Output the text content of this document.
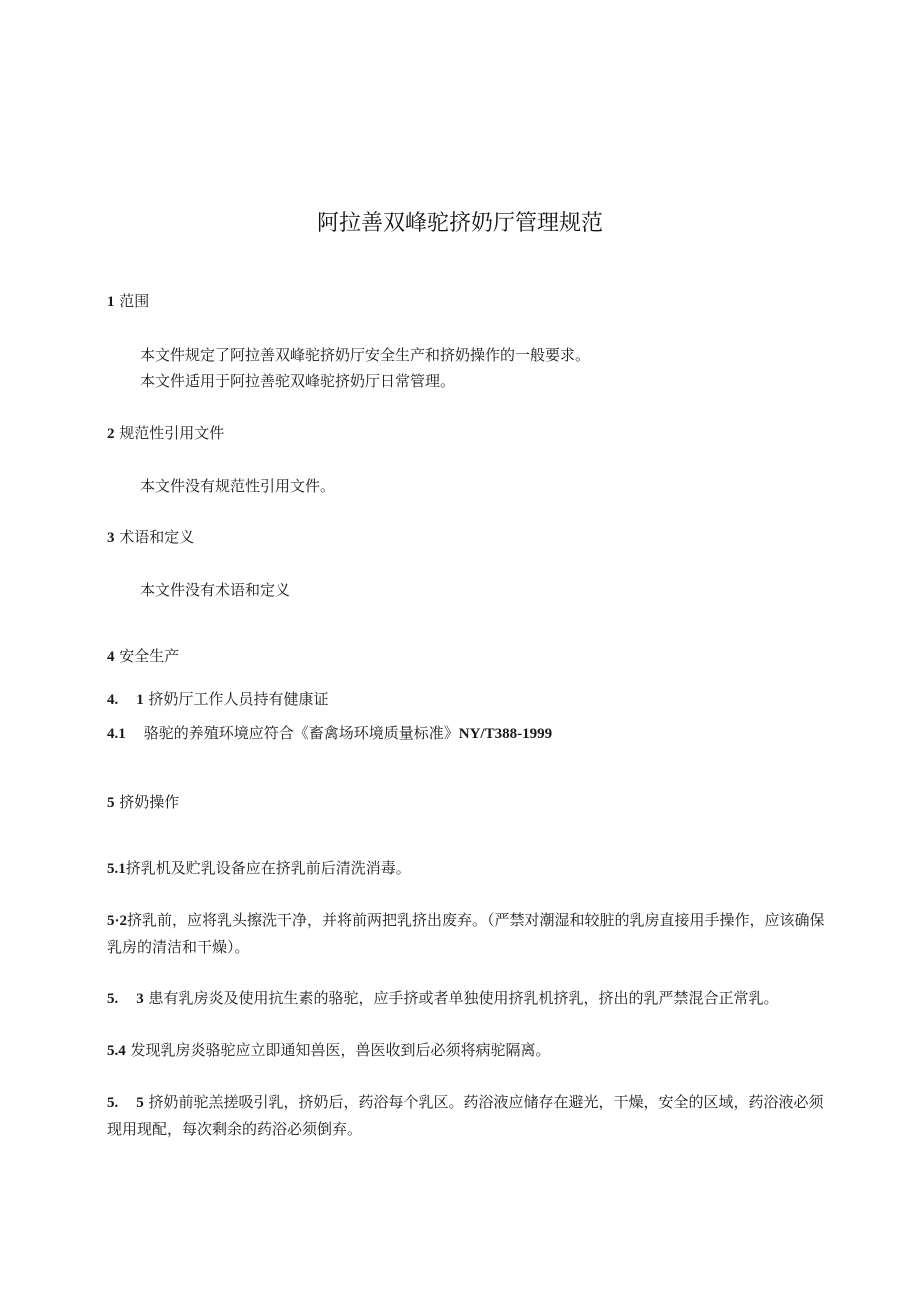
阿拉善双峰驼挤奶厅管理规范
1 范围
本文件规定了阿拉善双峰驼挤奶厅安全生产和挤奶操作的一般要求。
本文件适用于阿拉善驼双峰驼挤奶厅日常管理。
2 规范性引用文件
本文件没有规范性引用文件。
3 术语和定义
本文件没有术语和定义
4 安全生产
4. 1 挤奶厅工作人员持有健康证
4.1 骆驼的养殖环境应符合《畜禽场环境质量标准》NY/T388-1999
5 挤奶操作
5.1挤乳机及贮乳设备应在挤乳前后清洗消毒。
5·2挤乳前，应将乳头擦洗干净，并将前两把乳挤出废弃。（严禁对潮湿和较脏的乳房直接用手操作，应该确保乳房的清洁和干燥）。
5. 3 患有乳房炎及使用抗生素的骆驼，应手挤或者单独使用挤乳机挤乳，挤出的乳严禁混合正常乳。
5.4 发现乳房炎骆驼应立即通知兽医，兽医收到后必须将病驼隔离。
5. 5 挤奶前驼羔搓吸引乳，挤奶后，药浴每个乳区。药浴液应储存在避光，干燥，安全的区域，药浴液必须现用现配，每次剩余的药浴必须倒弃。
